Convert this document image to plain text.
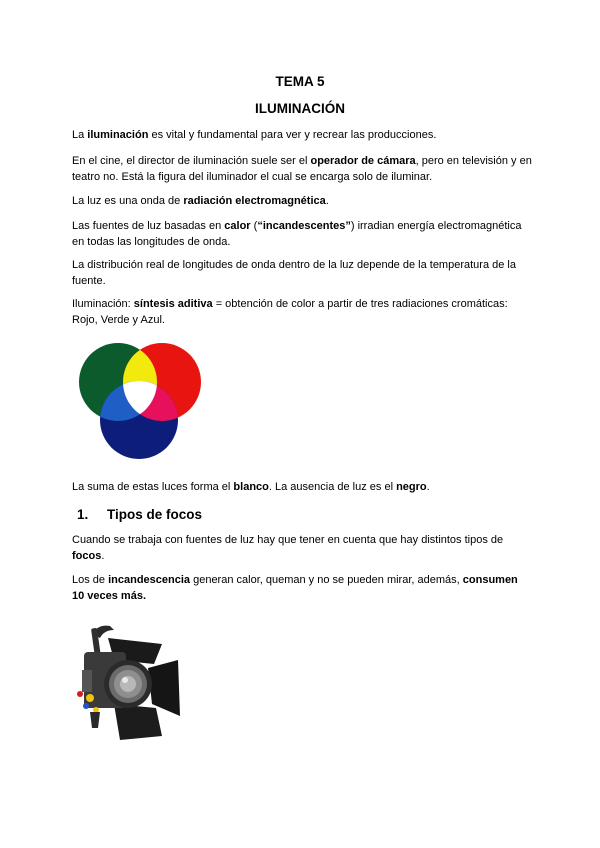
TEMA 5
ILUMINACIÓN
La iluminación es vital y fundamental para ver y recrear las producciones.
En el cine, el director de iluminación suele ser el operador de cámara, pero en televisión y en teatro no. Está la figura del iluminador el cual se encarga solo de iluminar.
La luz es una onda de radiación electromagnética.
Las fuentes de luz basadas en calor (“incandescentes”) irradian energía electromagnética en todas las longitudes de onda.
La distribución real de longitudes de onda dentro de la luz depende de la temperatura de la fuente.
Iluminación: síntesis aditiva = obtención de color a partir de tres radiaciones cromáticas: Rojo, Verde y Azul.
La suma de estas luces forma el blanco. La ausencia de luz es el negro.
1. Tipos de focos
Cuando se trabaja con fuentes de luz hay que tener en cuenta que hay distintos tipos de focos.
Los de incandescencia generan calor, queman y no se pueden mirar, además, consumen 10 veces más.
